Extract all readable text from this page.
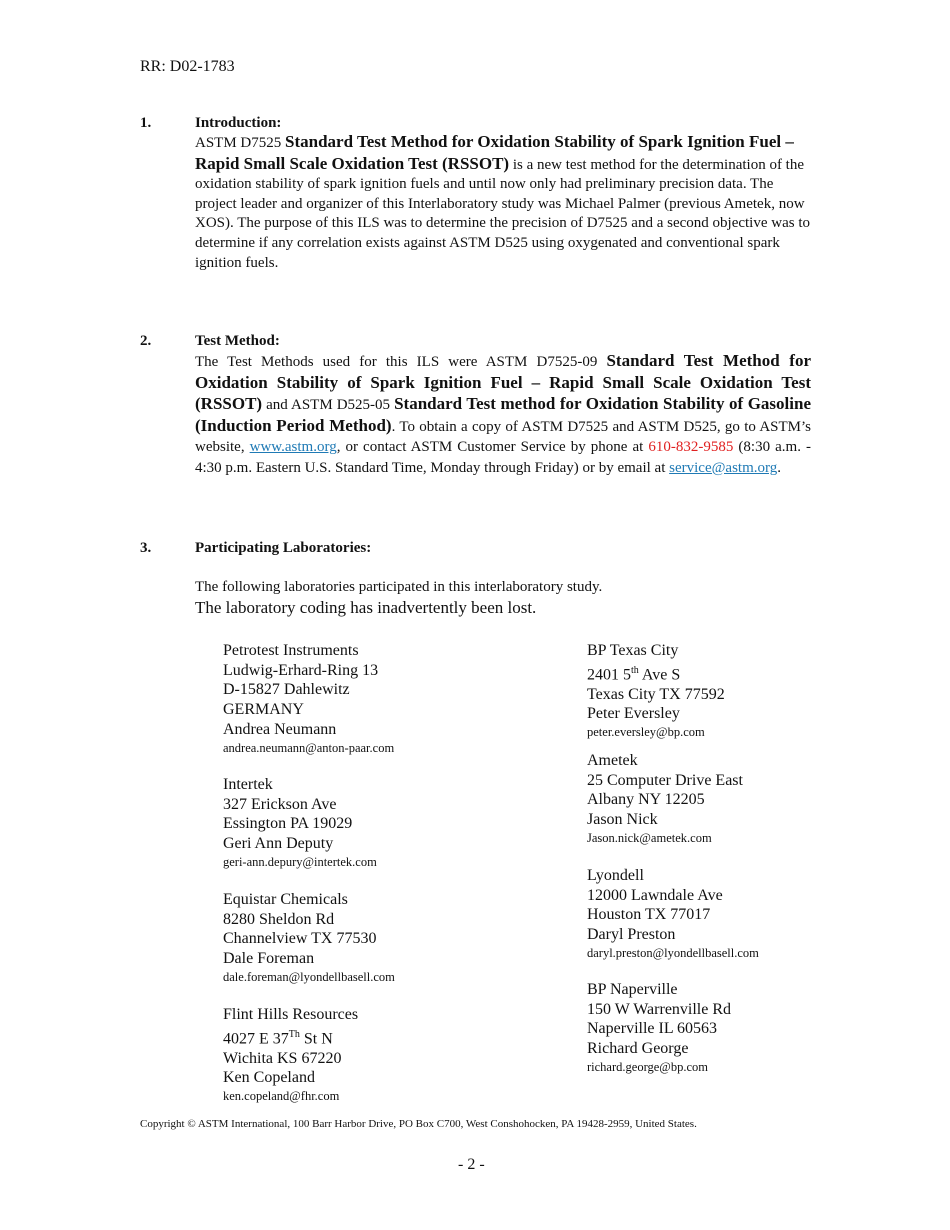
RR: D02-1783
1.	Introduction:
ASTM D7525 Standard Test Method for Oxidation Stability of Spark Ignition Fuel – Rapid Small Scale Oxidation Test (RSSOT) is a new test method for the determination of the oxidation stability of spark ignition fuels and until now only had preliminary precision data. The project leader and organizer of this Interlaboratory study was Michael Palmer (previous Ametek, now XOS). The purpose of this ILS was to determine the precision of D7525 and a second objective was to determine if any correlation exists against ASTM D525 using oxygenated and conventional spark ignition fuels.
2.	Test Method:
The Test Methods used for this ILS were ASTM D7525-09 Standard Test Method for Oxidation Stability of Spark Ignition Fuel – Rapid Small Scale Oxidation Test (RSSOT) and ASTM D525-05 Standard Test method for Oxidation Stability of Gasoline (Induction Period Method). To obtain a copy of ASTM D7525 and ASTM D525, go to ASTM’s website, www.astm.org, or contact ASTM Customer Service by phone at 610-832-9585 (8:30 a.m. - 4:30 p.m. Eastern U.S. Standard Time, Monday through Friday) or by email at service@astm.org.
3.	Participating Laboratories:
The following laboratories participated in this interlaboratory study.
The laboratory coding has inadvertently been lost.
Petrotest Instruments
Ludwig-Erhard-Ring 13
D-15827 Dahlewitz
GERMANY
Andrea Neumann
andrea.neumann@anton-paar.com
Intertek
327 Erickson Ave
Essington PA 19029
Geri Ann Deputy
geri-ann.depury@intertek.com
Equistar Chemicals
8280 Sheldon Rd
Channelview TX 77530
Dale Foreman
dale.foreman@lyondellbasell.com
Flint Hills Resources
4027 E 37Th St N
Wichita KS 67220
Ken Copeland
ken.copeland@fhr.com
BP Texas City
2401 5th Ave S
Texas City TX 77592
Peter Eversley
peter.eversley@bp.com
Ametek
25 Computer Drive East
Albany NY 12205
Jason Nick
Jason.nick@ametek.com
Lyondell
12000 Lawndale Ave
Houston TX 77017
Daryl Preston
daryl.preston@lyondellbasell.com
BP Naperville
150 W Warrenville Rd
Naperville IL 60563
Richard George
richard.george@bp.com
Copyright © ASTM International, 100 Barr Harbor Drive, PO Box C700, West Conshohocken, PA 19428-2959, United States.
- 2 -
